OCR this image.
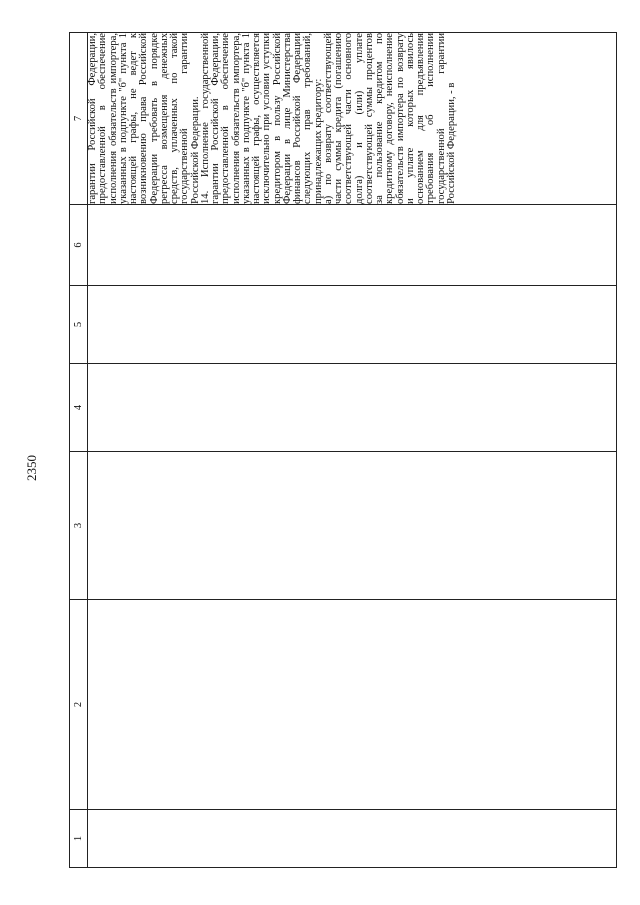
2350
1	2	3	4	5	6	7

						гарантии Российской Федерации, предоставленной в обеспечение исполнения обязательств импортера, указанных в подпункте "б" пункта 1 настоящей графы, не ведет к возникновению права Российской Федерации требовать в порядке регресса возмещения денежных средств, уплаченных по такой государственной гарантии Российской Федерации. 14. Исполнение государственной гарантии Российской Федерации, предоставленной в обеспечение исполнения обязательств импортера, указанных в подпункте "б" пункта 1 настоящей графы, осуществляется исключительно при условии уступки кредитором в пользу Российской Федерации в лице Министерства финансов Российской Федерации следующих прав требований, принадлежащих кредитору: а) по возврату соответствующей части суммы кредита (погашению соответствующей части основного долга) и (или) уплате соответствующей суммы процентов за пользование кредитом по кредитному договору, неисполнение обязательств импортера по возврату и уплате которых явилось основанием для предъявления требования об исполнении государственной гарантии Российской Федерации, - в
